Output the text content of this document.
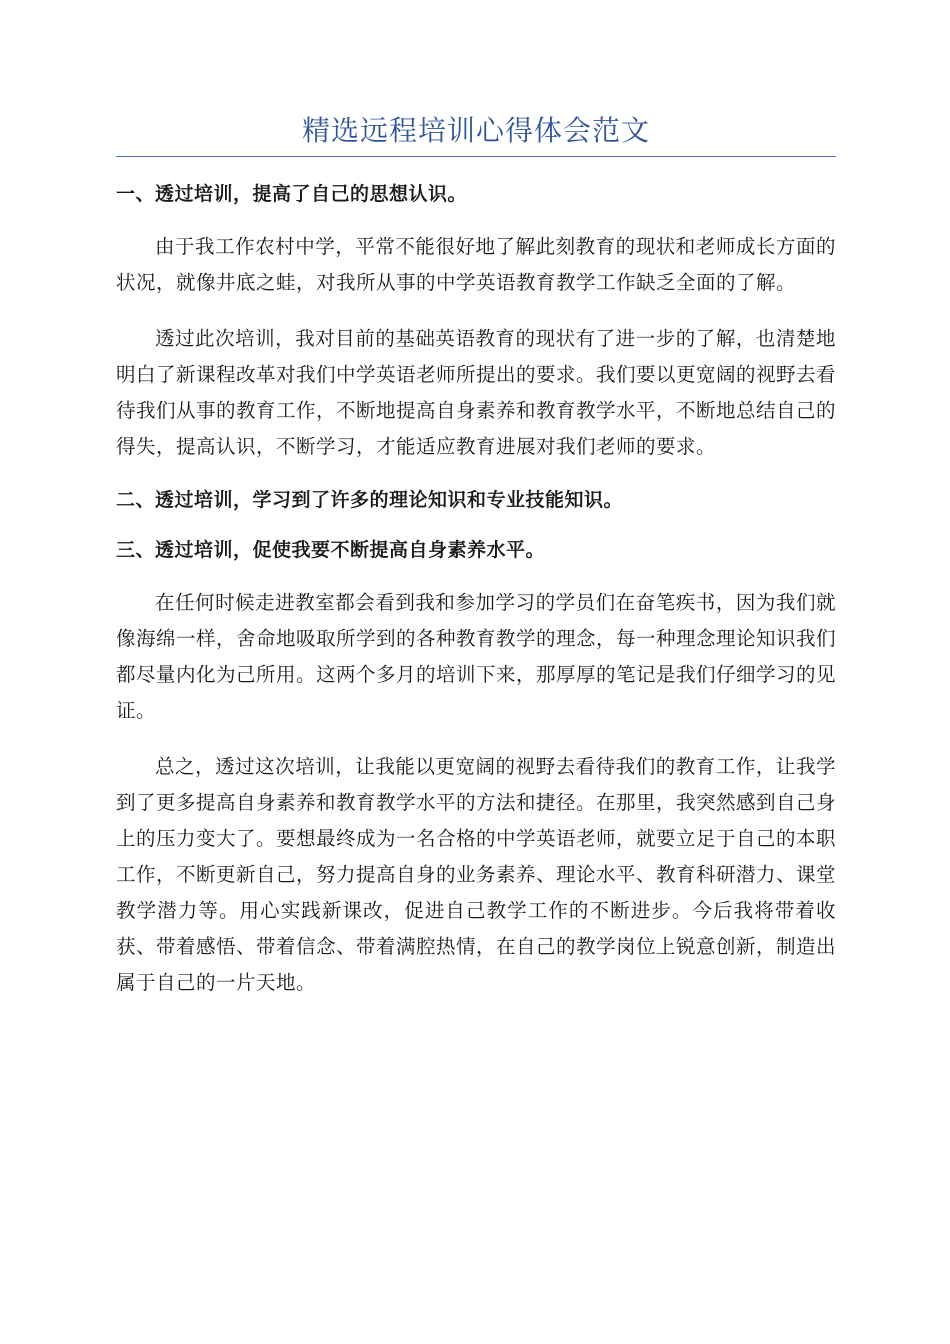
精选远程培训心得体会范文

一、透过培训，提高了自己的思想认识。

由于我工作农村中学，平常不能很好地了解此刻教育的现状和老师成长方面的状况，就像井底之蛙，对我所从事的中学英语教育教学工作缺乏全面的了解。

透过此次培训，我对目前的基础英语教育的现状有了进一步的了解，也清楚地明白了新课程改革对我们中学英语老师所提出的要求。我们要以更宽阔的视野去看待我们从事的教育工作，不断地提高自身素养和教育教学水平，不断地总结自己的得失，提高认识，不断学习，才能适应教育进展对我们老师的要求。

二、透过培训，学习到了许多的理论知识和专业技能知识。

三、透过培训，促使我要不断提高自身素养水平。

在任何时候走进教室都会看到我和参加学习的学员们在奋笔疾书，因为我们就像海绵一样，舍命地吸取所学到的各种教育教学的理念，每一种理念理论知识我们都尽量内化为己所用。这两个多月的培训下来，那厚厚的笔记是我们仔细学习的见证。

总之，透过这次培训，让我能以更宽阔的视野去看待我们的教育工作，让我学到了更多提高自身素养和教育教学水平的方法和捷径。在那里，我突然感到自己身上的压力变大了。要想最终成为一名合格的中学英语老师，就要立足于自己的本职工作，不断更新自己，努力提高自身的业务素养、理论水平、教育科研潜力、课堂教学潜力等。用心实践新课改，促进自己教学工作的不断进步。今后我将带着收获、带着感悟、带着信念、带着满腔热情，在自己的教学岗位上锐意创新，制造出属于自己的一片天地。
